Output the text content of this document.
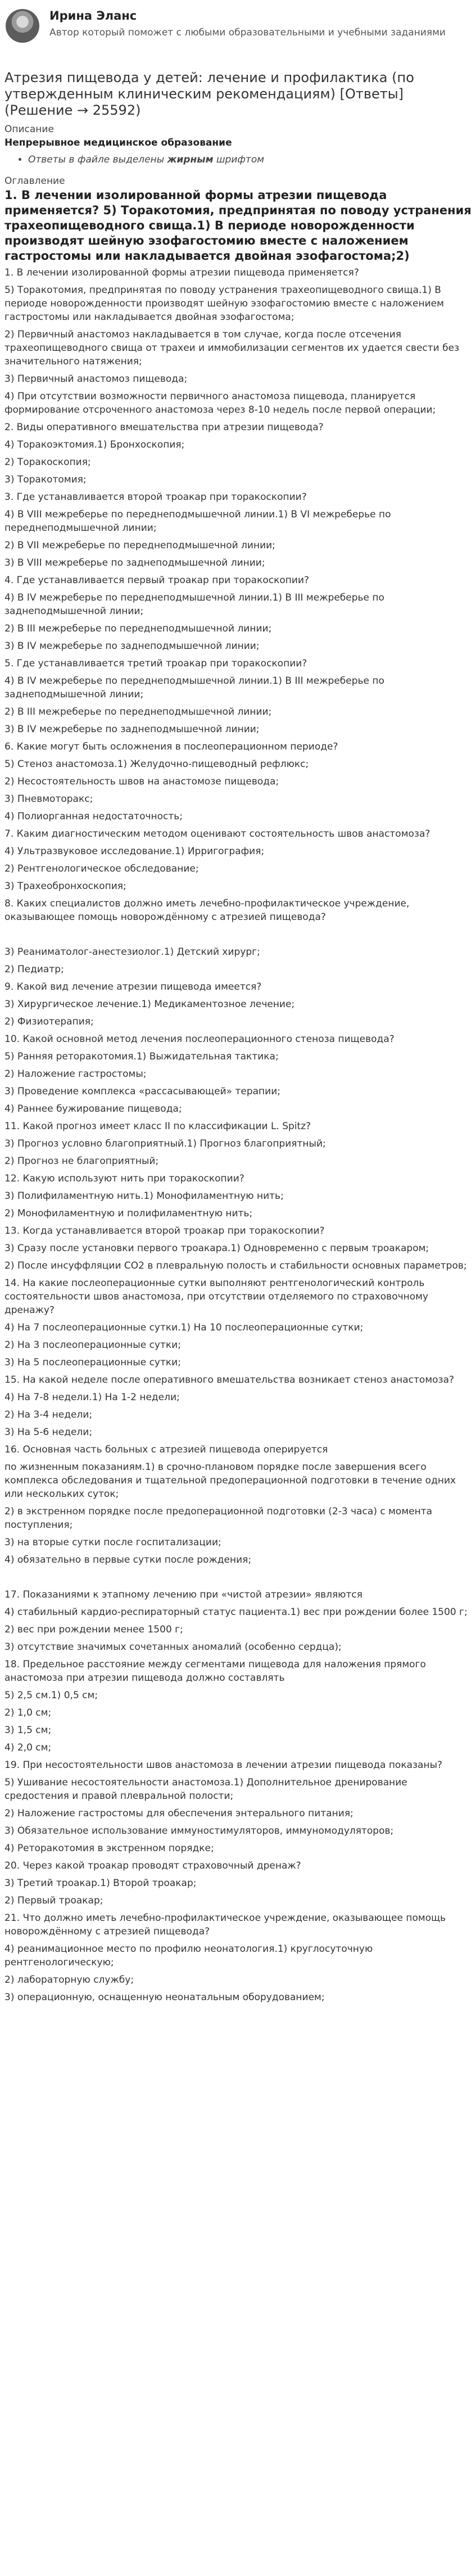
Ирина Эланс
Автор который поможет с любыми образовательными и учебными заданиями
Атрезия пищевода у детей: лечение и профилактика (по утвержденным клиническим рекомендациям) [Ответы] (Решение → 25592)
Описание
Непрерывное медицинское образование
• Ответы в файле выделены жирным шрифтом
Оглавление
1. В лечении изолированной формы атрезии пищевода применяется? 5) Торакотомия, предпринятая по поводу устранения трахеопищеводного свища.1) В периоде новорожденности производят шейную эзофагостомию вместе с наложением гастростомы или накладывается двойная эзофагостома;2)

1. В лечении изолированной формы атрезии пищевода применяется?

5) Торакотомия, предпринятая по поводу устранения трахеопищеводного свища.1) В периоде новорожденности производят шейную эзофагостомию вместе с наложением гастростомы или накладывается двойная эзофагостома;

2) Первичный анастомоз накладывается в том случае, когда после отсечения трахеопищеводного свища от трахеи и иммобилизации сегментов их удается свести без значительного натяжения;

3) Первичный анастомоз пищевода;

4) При отсутствии возможности первичного анастомоза пищевода, планируется формирование отсроченного анастомоза через 8-10 недель после первой операции;

2. Виды оперативного вмешательства при атрезии пищевода?

4) Торакоэктомия.1) Бронхоскопия;

2) Торакоскопия;

3) Торакотомия;

3. Где устанавливается второй троакар при торакоскопии?

4) В VIII межреберье по переднеподмышечной линии.1) В VI межреберье по переднеподмышечной линии;

2) В VII межреберье по переднеподмышечной линии;

3) В VIII межреберье по заднеподмышечной линии;

4. Где устанавливается первый троакар при торакоскопии?

4) В IV межреберье по переднеподмышечной линии.1) В III межреберье по заднеподмышечной линии;

2) В III межреберье по переднеподмышечной линии;

3) В IV межреберье по заднеподмышечной линии;

5. Где устанавливается третий троакар при торакоскопии?

4) В IV межреберье по переднеподмышечной линии.1) В III межреберье по заднеподмышечной линии;

2) В III межреберье по переднеподмышечной линии;

3) В IV межреберье по заднеподмышечной линии;

6. Какие могут быть осложнения в послеоперационном периоде?

5) Стеноз анастомоза.1) Желудочно-пищеводный рефлюкс;

2) Несостоятельность швов на анастомозе пищевода;

3) Пневмоторакс;

4) Полиорганная недостаточность;

7. Каким диагностическим методом оценивают состоятельность швов анастомоза?

4) Ультразвуковое исследование.1) Ирригография;

2) Рентгенологическое обследование;

3) Трахеобронхоскопия;

8. Каких специалистов должно иметь лечебно-профилактическое учреждение, оказывающее помощь новорождённому с атрезией пищевода?

3) Реаниматолог-анестезиолог.1) Детский хирург;

2) Педиатр;

9. Какой вид лечение атрезии пищевода имеется?

3) Хирургическое лечение.1) Медикаментозное лечение;

2) Физиотерапия;

10. Какой основной метод лечения послеоперационного стеноза пищевода?

5) Ранняя реторакотомия.1) Выжидательная тактика;

2) Наложение гастростомы;

3) Проведение комплекса «рассасывающей» терапии;

4) Раннее бужирование пищевода;

11. Какой прогноз имеет класс II по классификации L. Spitz?

3) Прогноз условно благоприятный.1) Прогноз благоприятный;

2) Прогноз не благоприятный;

12. Какую используют нить при торакоскопии?

3) Полифиламентную нить.1) Монофиламентную нить;

2) Монофиламентную и полифиламентную нить;

13. Когда устанавливается второй троакар при торакоскопии?

3) Сразу после установки первого троакара.1) Одновременно с первым троакаром;

2) После инсуффляции CO2 в плевральную полость и стабильности основных параметров;

14. На какие послеоперационные сутки выполняют рентгенологический контроль состоятельности швов анастомоза, при отсутствии отделяемого по страховочному дренажу?

4) На 7 послеоперационные сутки.1) На 10 послеоперационные сутки;

2) На 3 послеоперационные сутки;

3) На 5 послеоперационные сутки;

15. На какой неделе после оперативного вмешательства возникает стеноз анастомоза?

4) На 7-8 недели.1) На 1-2 недели;

2) На 3-4 недели;

3) На 5-6 недели;

16. Основная часть больных с атрезией пищевода оперируется

по жизненным показаниям.1) в срочно-плановом порядке после завершения всего комплекса обследования и тщательной предоперационной подготовки в течение одних или нескольких суток;

2) в экстренном порядке после предоперационной подготовки (2-3 часа) с момента поступления;

3) на вторые сутки после госпитализации;

4) обязательно в первые сутки после рождения;

17. Показаниями к этапному лечению при «чистой атрезии» являются

4) стабильный кардио-респираторный статус пациента.1) вес при рождении более 1500 г;

2) вес при рождении менее 1500 г;

3) отсутствие значимых сочетанных аномалий (особенно сердца);

18. Предельное расстояние между сегментами пищевода для наложения прямого анастомоза при атрезии пищевода должно составлять

5) 2,5 см.1) 0,5 см;

2) 1,0 см;

3) 1,5 см;

4) 2,0 см;

19. При несостоятельности швов анастомоза в лечении атрезии пищевода показаны?

5) Ушивание несостоятельности анастомоза.1) Дополнительное дренирование средостения и правой плевральной полости;

2) Наложение гастростомы для обеспечения энтерального питания;

3) Обязательное использование иммуностимуляторов, иммуномодуляторов;

4) Реторакотомия в экстренном порядке;

20. Через какой троакар проводят страховочный дренаж?

3) Третий троакар.1) Второй троакар;

2) Первый троакар;

21. Что должно иметь лечебно-профилактическое учреждение, оказывающее помощь новорождённому с атрезией пищевода?

4) реанимационное место по профилю неонатология.1) круглосуточную рентгенологическую;

2) лабораторную службу;

3) операционную, оснащенную неонатальным оборудованием;
